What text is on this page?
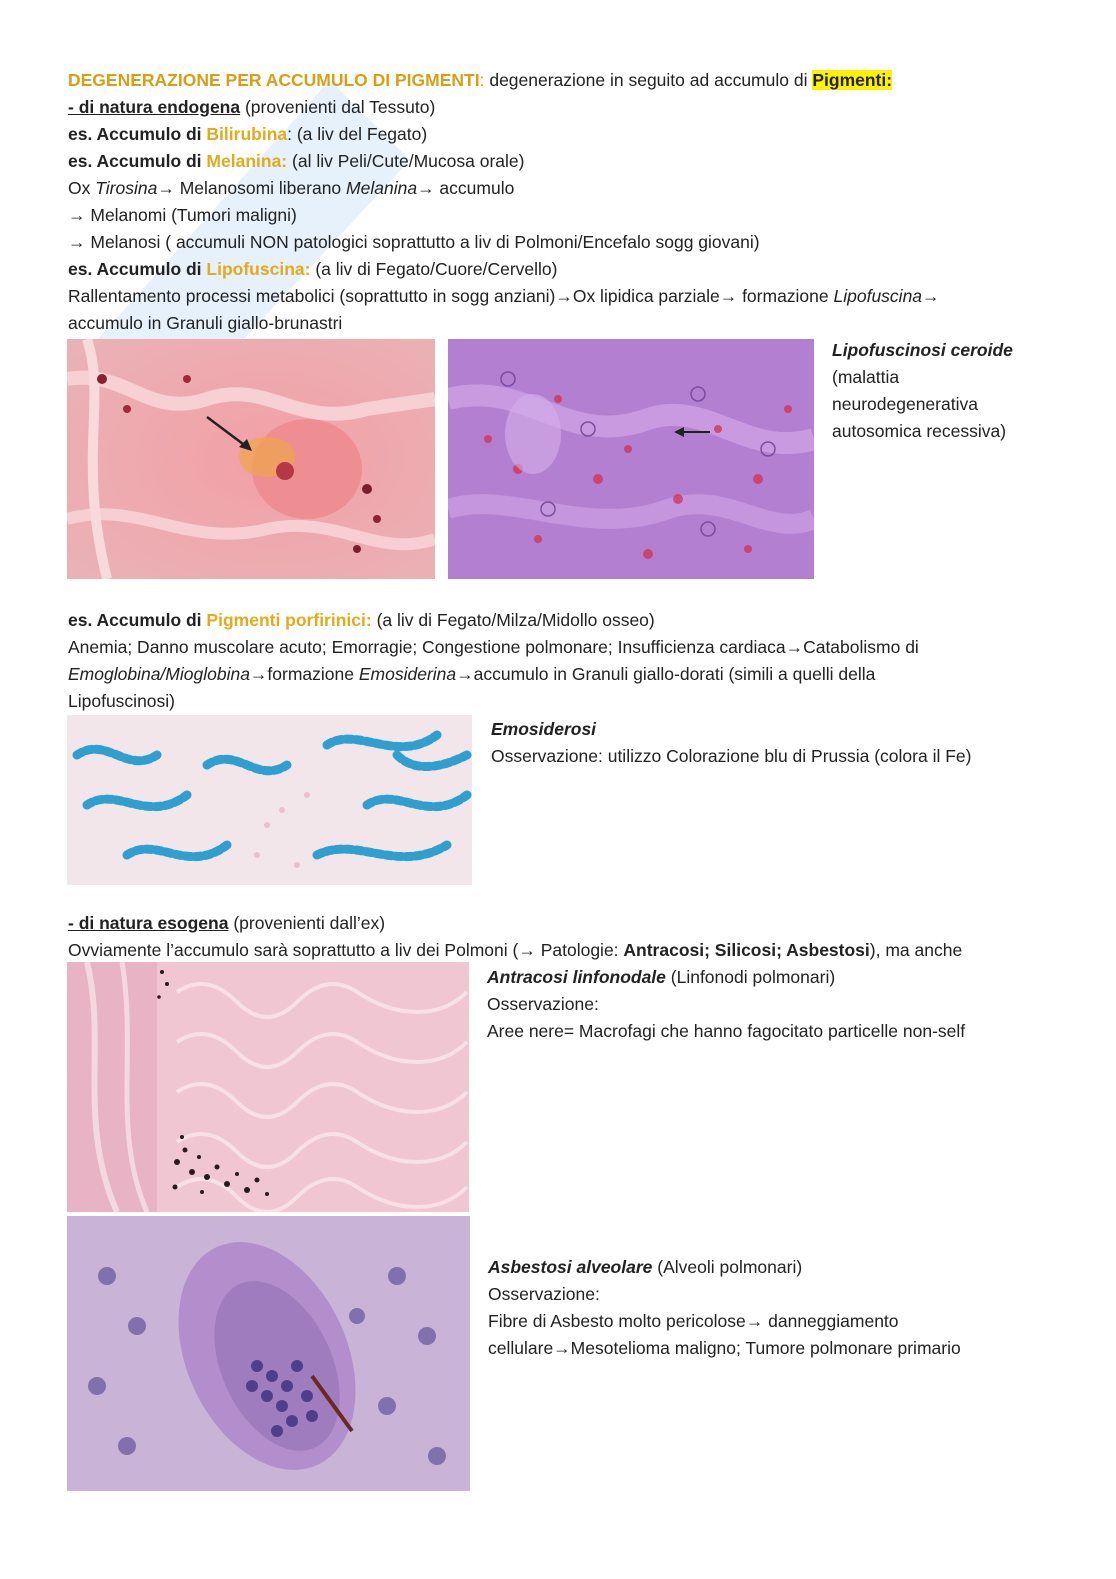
DEGENERAZIONE PER ACCUMULO DI PIGMENTI: degenerazione in seguito ad accumulo di Pigmenti:
- di natura endogena (provenienti dal Tessuto)
es. Accumulo di Bilirubina: (a liv del Fegato)
es. Accumulo di Melanina: (al liv Peli/Cute/Mucosa orale)
Ox Tirosina→ Melanosomi liberano Melanina→ accumulo
→ Melanomi (Tumori maligni)
→ Melanosi ( accumuli NON patologici soprattutto a liv di Polmoni/Encefalo sogg giovani)
es. Accumulo di Lipofuscina: (a liv di Fegato/Cuore/Cervello)
Rallentamento processi metabolici (soprattutto in sogg anziani)→Ox lipidica parziale→ formazione Lipofuscina→
accumulo in Granuli giallo-brunastri
Lipofuscinosi ceroide
(malattia
neurodegenerativa
autosomica recessiva)
es. Accumulo di Pigmenti porfirinici: (a liv di Fegato/Milza/Midollo osseo)
Anemia; Danno muscolare acuto; Emorragie; Congestione polmonare; Insufficienza cardiaca→Catabolismo di
Emoglobina/Mioglobina→formazione Emosiderina→accumulo in Granuli giallo-dorati (simili a quelli della
Lipofuscinosi)
Emosiderosi
Osservazione: utilizzo Colorazione blu di Prussia (colora il Fe)
- di natura esogena (provenienti dall’ex)
Ovviamente l’accumulo sarà soprattutto a liv dei Polmoni (→ Patologie: Antracosi; Silicosi; Asbestosi), ma anche
Antracosi linfonodale (Linfonodi polmonari)
Osservazione:
Aree nere= Macrofagi che hanno fagocitato particelle non-self
Asbestosi alveolare (Alveoli polmonari)
Osservazione:
Fibre di Asbesto molto pericolose→ danneggiamento
cellulare→Mesotelioma maligno; Tumore polmonare primario
